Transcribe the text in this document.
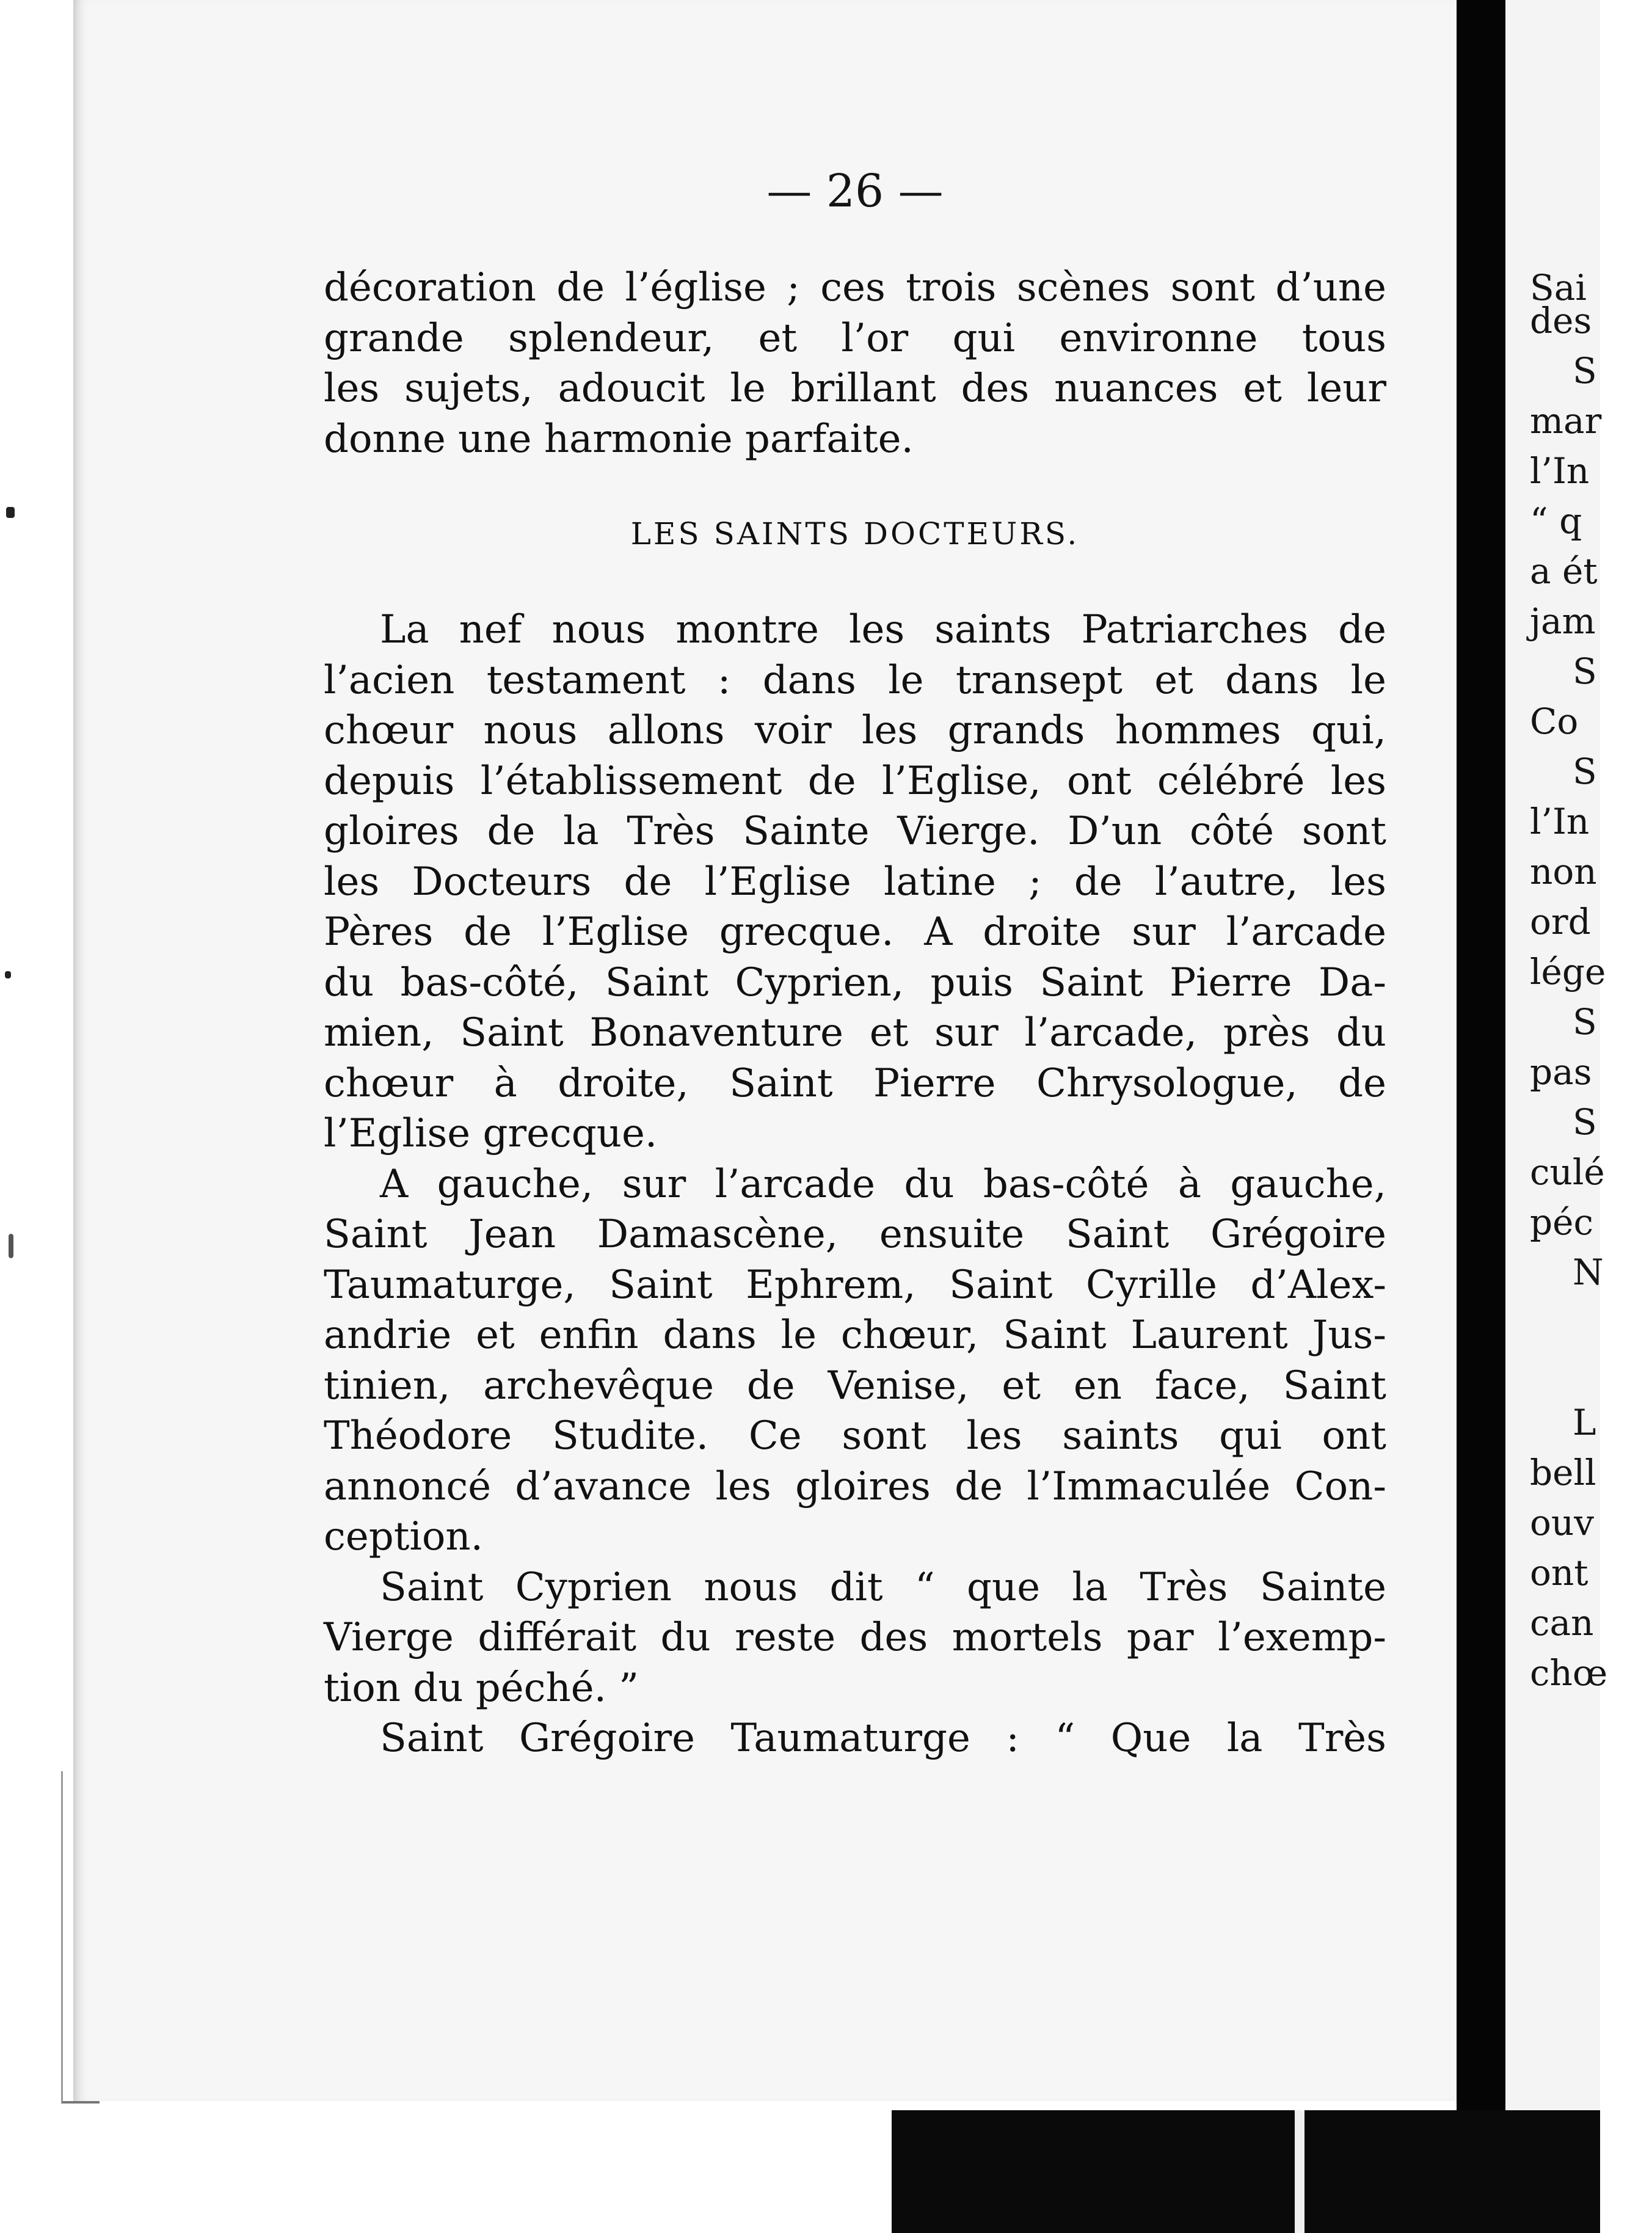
— 26 —
décoration de l’église ; ces trois scènes sont d’une
grande splendeur, et l’or qui environne tous
les sujets, adoucit le brillant des nuances et leur
donne une harmonie parfaite.
LES SAINTS DOCTEURS.
La nef nous montre les saints Patriarches de
l’acien testament : dans le transept et dans le
chœur nous allons voir les grands hommes qui,
depuis l’établissement de l’Eglise, ont célébré les
gloires de la Très Sainte Vierge. D’un côté sont
les Docteurs de l’Eglise latine ; de l’autre, les
Pères de l’Eglise grecque. A droite sur l’arcade
du bas-côté, Saint Cyprien, puis Saint Pierre Da-
mien, Saint Bonaventure et sur l’arcade, près du
chœur à droite, Saint Pierre Chrysologue, de
l’Eglise grecque.
A gauche, sur l’arcade du bas-côté à gauche,
Saint Jean Damascène, ensuite Saint Grégoire
Taumaturge, Saint Ephrem, Saint Cyrille d’Alex-
andrie et enfin dans le chœur, Saint Laurent Jus-
tinien, archevêque de Venise, et en face, Saint
Théodore Studite. Ce sont les saints qui ont
annoncé d’avance les gloires de l’Immaculée Con-
ception.
Saint Cyprien nous dit “ que la Très Sainte
Vierge différait du reste des mortels par l’exemp-
tion du péché. ”
Saint Grégoire Taumaturge : “ Que la Très
Sai
des
S
mar
l’In
“ q
a ét
jam
S
Co
S
l’In
non
ord
lége
S
pas
S
culé
péc
N
L
bell
ouv
ont
can
chœ
